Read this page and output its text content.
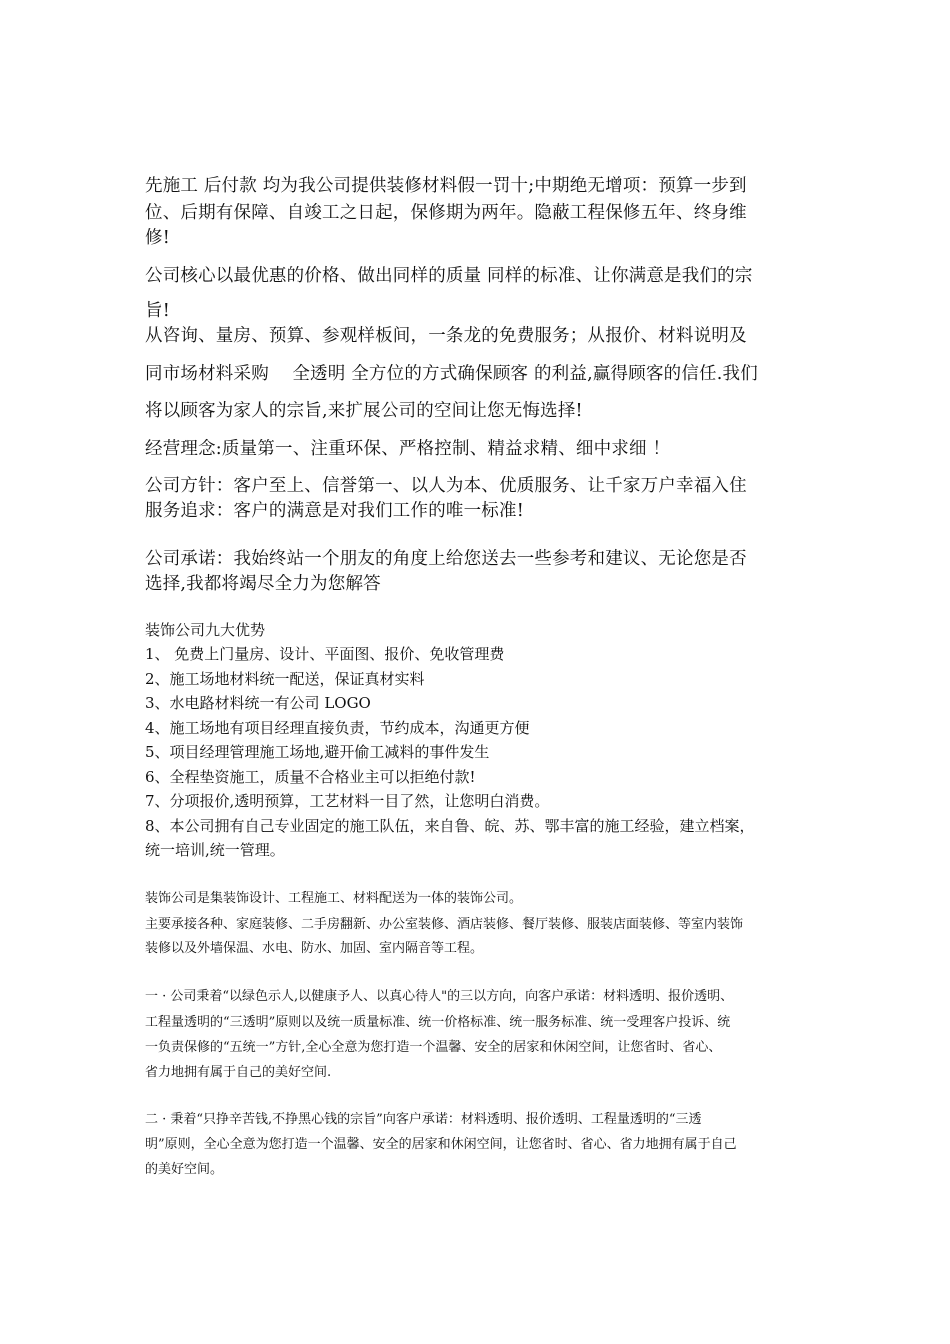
先施工 后付款 均为我公司提供装修材料假一罚十;中期绝无增项：预算一步到

位、后期有保障、自竣工之日起，保修期为两年。隐蔽工程保修五年、终身维

修!

公司核心以最优惠的价格、做出同样的质量 同样的标准、让你满意是我们的宗

旨!

从咨询、量房、预算、参观样板间，一条龙的免费服务；从报价、材料说明及

同市场材料采购　 全透明 全方位的方式确保顾客 的利益,赢得顾客的信任.我们

将以顾客为家人的宗旨,来扩展公司的空间让您无悔选择!

经营理念:质量第一、注重环保、严格控制、精益求精、细中求细 ！

公司方针：客户至上、信誉第一、以人为本、优质服务、让千家万户幸福入住

服务追求：客户的满意是对我们工作的唯一标准!

公司承诺：我始终站一个朋友的角度上给您送去一些参考和建议、无论您是否

选择,我都将竭尽全力为您解答

装饰公司九大优势

1、 免费上门量房、设计、平面图、报价、免收管理费

2、施工场地材料统一配送，保证真材实料

3、水电路材料统一有公司 LOGO

4、施工场地有项目经理直接负责，节约成本，沟通更方便

5、项目经理管理施工场地,避开偷工减料的事件发生

6、全程垫资施工，质量不合格业主可以拒绝付款!

7、分项报价,透明预算，工艺材料一目了然，让您明白消费。

8、本公司拥有自己专业固定的施工队伍，来自鲁、皖、苏、鄂丰富的施工经验，建立档案，

统一培训,统一管理。

装饰公司是集装饰设计、工程施工、材料配送为一体的装饰公司。

主要承接各种、家庭装修、二手房翻新、办公室装修、酒店装修、餐厅装修、服装店面装修、等室内装饰

装修以及外墙保温、水电、防水、加固、室内隔音等工程。

一 · 公司秉着“以绿色示人,以健康予人、以真心待人"的三以方向，向客户承诺：材料透明、报价透明、

工程量透明的“三透明”原则以及统一质量标准、统一价格标准、统一服务标准、统一受理客户投诉、统

一负责保修的“五统一”方针,全心全意为您打造一个温馨、安全的居家和休闲空间，让您省时、省心、

省力地拥有属于自己的美好空间.

二 · 秉着“只挣辛苦钱,不挣黑心钱的宗旨”向客户承诺：材料透明、报价透明、工程量透明的“三透

明”原则，全心全意为您打造一个温馨、安全的居家和休闲空间，让您省时、省心、省力地拥有属于自己

的美好空间。
